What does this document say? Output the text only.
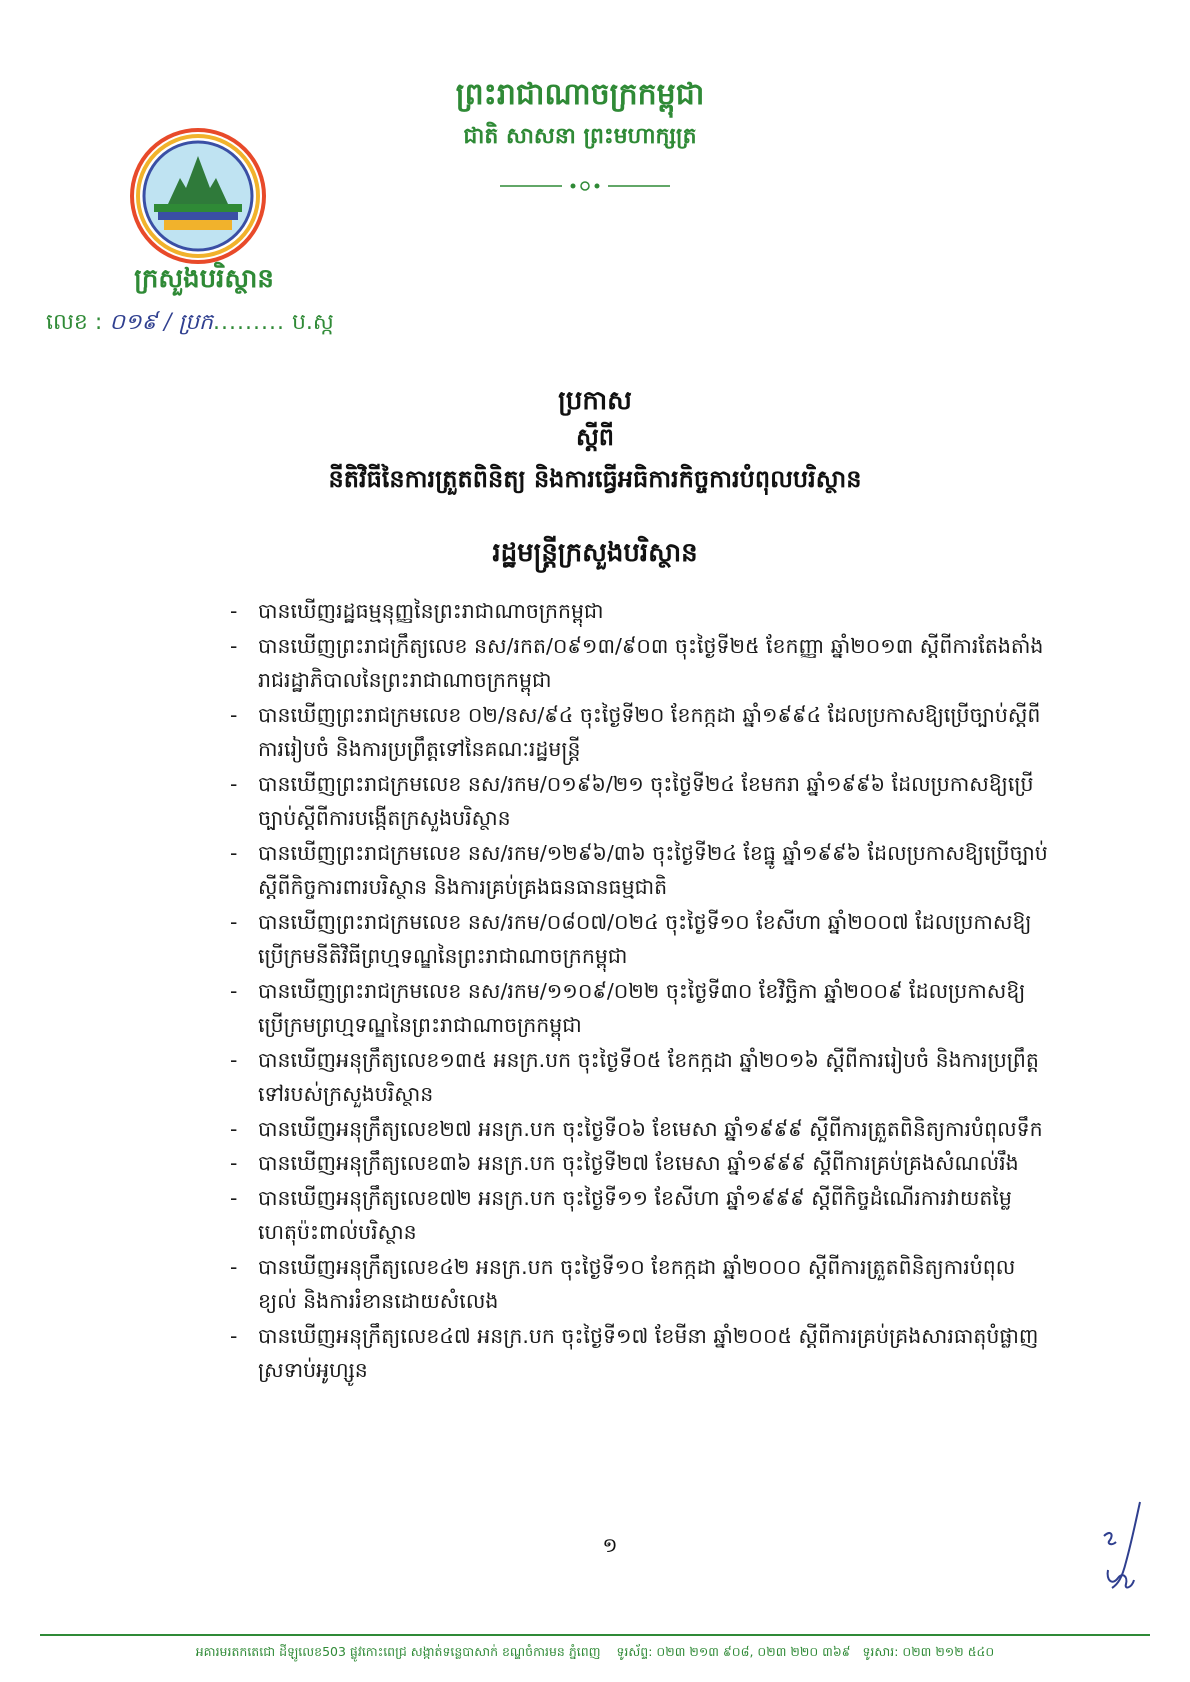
ព្រះរាជាណាចក្រកម្ពុជា
ជាតិ សាសនា ព្រះមហាក្សត្រ
ក្រសួងបរិស្ថាន
លេខ : ០១៩ / ប្រក......... ប.ស្ក
ប្រកាស
ស្តីពី
នីតិវិធីនៃការត្រួតពិនិត្យ និងការធ្វើអធិការកិច្ចការបំពុលបរិស្ថាន
រដ្ឋមន្ត្រីក្រសួងបរិស្ថាន
- បានឃើញរដ្ឋធម្មនុញ្ញនៃព្រះរាជាណាចក្រកម្ពុជា
- បានឃើញព្រះរាជក្រឹត្យលេខ នស/រកត/០៩១៣/៩០៣ ចុះថ្ងៃទី២៥ ខែកញ្ញា ឆ្នាំ២០១៣ ស្តីពីការតែងតាំងរាជរដ្ឋាភិបាលនៃព្រះរាជាណាចក្រកម្ពុជា
- បានឃើញព្រះរាជក្រមលេខ ០២/នស/៩៤ ចុះថ្ងៃទី២០ ខែកក្កដា ឆ្នាំ១៩៩៤ ដែលប្រកាសឱ្យប្រើច្បាប់ស្តីពីការរៀបចំ និងការប្រព្រឹត្តទៅនៃគណៈរដ្ឋមន្ត្រី
- បានឃើញព្រះរាជក្រមលេខ នស/រកម/០១៩៦/២១ ចុះថ្ងៃទី២៤ ខែមករា ឆ្នាំ១៩៩៦ ដែលប្រកាសឱ្យប្រើច្បាប់ស្តីពីការបង្កើតក្រសួងបរិស្ថាន
- បានឃើញព្រះរាជក្រមលេខ នស/រកម/១២៩៦/៣៦ ចុះថ្ងៃទី២៤ ខែធ្នូ ឆ្នាំ១៩៩៦ ដែលប្រកាសឱ្យប្រើច្បាប់ស្តីពីកិច្ចការពារបរិស្ថាន និងការគ្រប់គ្រងធនធានធម្មជាតិ
- បានឃើញព្រះរាជក្រមលេខ នស/រកម/០៨០៧/០២៤ ចុះថ្ងៃទី១០ ខែសីហា ឆ្នាំ២០០៧ ដែលប្រកាសឱ្យប្រើក្រមនីតិវិធីព្រហ្មទណ្ឌនៃព្រះរាជាណាចក្រកម្ពុជា
- បានឃើញព្រះរាជក្រមលេខ នស/រកម/១១០៩/០២២ ចុះថ្ងៃទី៣០ ខែវិច្ឆិកា ឆ្នាំ២០០៩ ដែលប្រកាសឱ្យប្រើក្រមព្រហ្មទណ្ឌនៃព្រះរាជាណាចក្រកម្ពុជា
- បានឃើញអនុក្រឹត្យលេខ១៣៥ អនក្រ.បក ចុះថ្ងៃទី០៥ ខែកក្កដា ឆ្នាំ២០១៦ ស្តីពីការរៀបចំ និងការប្រព្រឹត្តទៅរបស់ក្រសួងបរិស្ថាន
- បានឃើញអនុក្រឹត្យលេខ២៧ អនក្រ.បក ចុះថ្ងៃទី០៦ ខែមេសា ឆ្នាំ១៩៩៩ ស្តីពីការត្រួតពិនិត្យការបំពុលទឹក
- បានឃើញអនុក្រឹត្យលេខ៣៦ អនក្រ.បក ចុះថ្ងៃទី២៧ ខែមេសា ឆ្នាំ១៩៩៩ ស្តីពីការគ្រប់គ្រងសំណល់រឹង
- បានឃើញអនុក្រឹត្យលេខ៧២ អនក្រ.បក ចុះថ្ងៃទី១១ ខែសីហា ឆ្នាំ១៩៩៩ ស្តីពីកិច្ចដំណើរការវាយតម្លៃហេតុប៉ះពាល់បរិស្ថាន
- បានឃើញអនុក្រឹត្យលេខ៤២ អនក្រ.បក ចុះថ្ងៃទី១០ ខែកក្កដា ឆ្នាំ២០០០ ស្តីពីការត្រួតពិនិត្យការបំពុលខ្យល់ និងការរំខានដោយសំលេង
- បានឃើញអនុក្រឹត្យលេខ៤៧ អនក្រ.បក ចុះថ្ងៃទី១៧ ខែមីនា ឆ្នាំ២០០៥ ស្តីពីការគ្រប់គ្រងសារធាតុបំផ្លាញស្រទាប់អូហ្សូន
១
អគារមរតកតេជោ ដីឡូលេខ503 ផ្លូវកោះពេជ្រ សង្កាត់ទន្លេបាសាក់ ខណ្ឌចំការមន ភ្នំពេញ ទូរស័ព្ទ: ០២៣ ២១៣ ៩០៨, ០២៣ ២២០ ៣៦៩ ទូរសារ: ០២៣ ២១២ ៥៤០
